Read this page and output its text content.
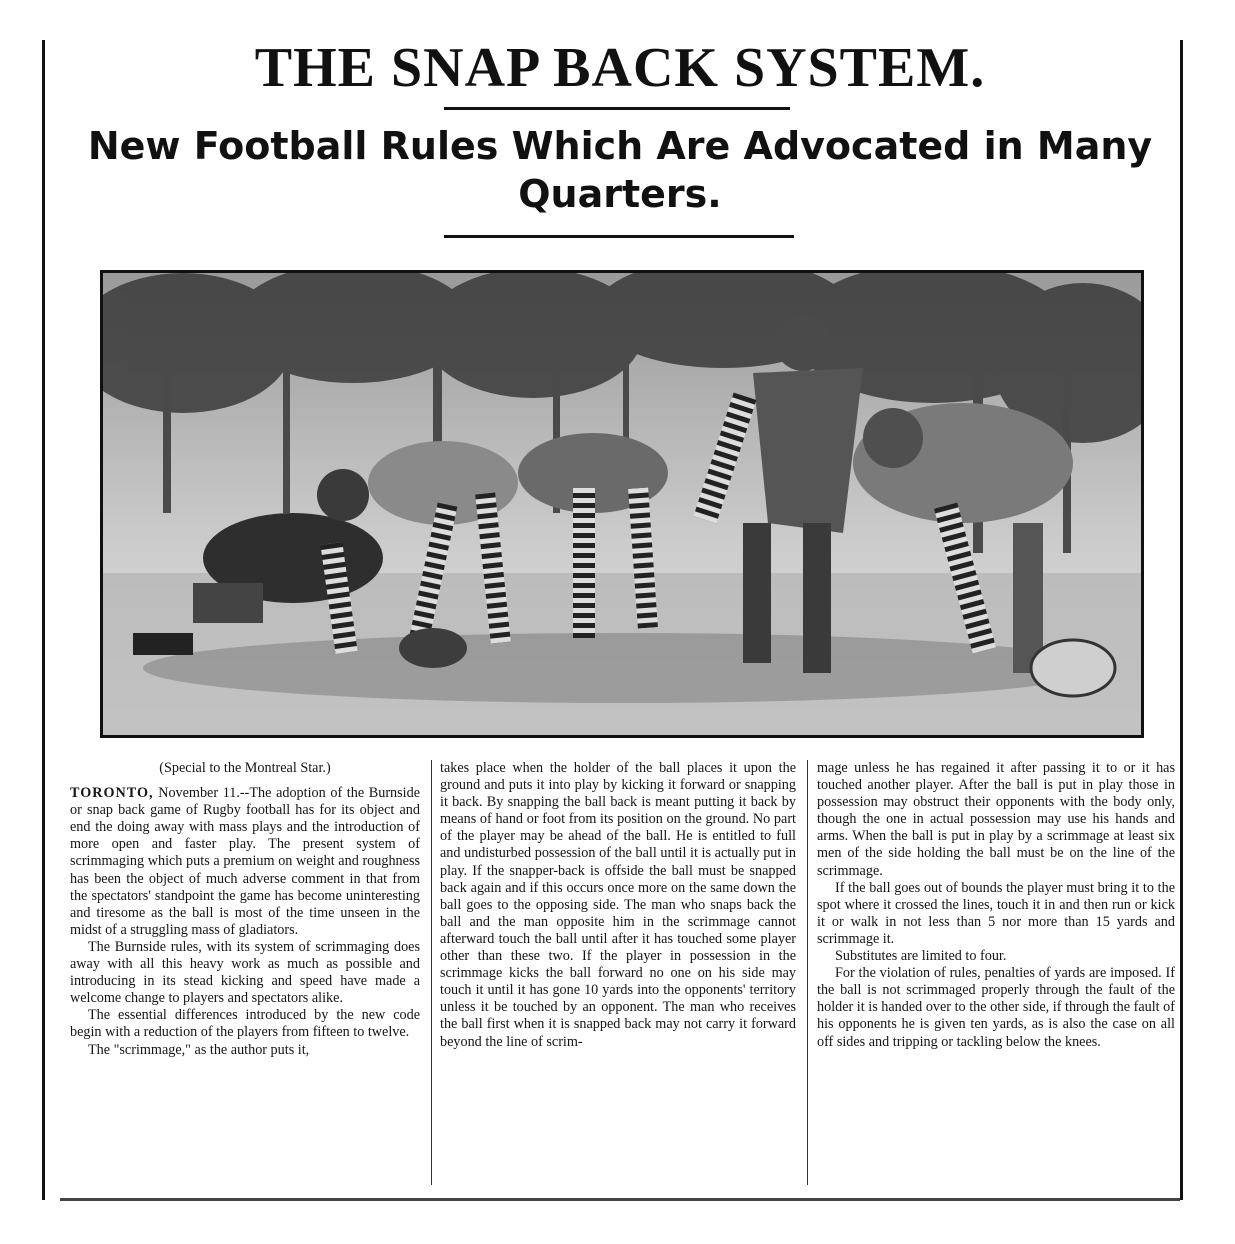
THE SNAP BACK SYSTEM.
New Football Rules Which Are Advocated in Many Quarters.

(Special to the Montreal Star.)

TORONTO, November 11.--The adoption of the Burnside or snap back game of Rugby football has for its object and end the doing away with mass plays and the introduction of more open and faster play. The present system of scrimmaging which puts a premium on weight and roughness has been the object of much adverse comment in that from the spectators' standpoint the game has become uninteresting and tiresome as the ball is most of the time unseen in the midst of a struggling mass of gladiators.

The Burnside rules, with its system of scrimmaging does away with all this heavy work as much as possible and introducing in its stead kicking and speed have made a welcome change to players and spectators alike.

The essential differences introduced by the new code begin with a reduction of the players from fifteen to twelve.

The "scrimmage," as the author puts it,

takes place when the holder of the ball places it upon the ground and puts it into play by kicking it forward or snapping it back. By snapping the ball back is meant putting it back by means of hand or foot from its position on the ground. No part of the player may be ahead of the ball. He is entitled to full and undisturbed possession of the ball until it is actually put in play. If the snapper-back is offside the ball must be snapped back again and if this occurs once more on the same down the ball goes to the opposing side. The man who snaps back the ball and the man opposite him in the scrimmage cannot afterward touch the ball until after it has touched some player other than these two. If the player in possession in the scrimmage kicks the ball forward no one on his side may touch it until it has gone 10 yards into the opponents' territory unless it be touched by an opponent. The man who receives the ball first when it is snapped back may not carry it forward beyond the line of scrim-

mage unless he has regained it after passing it to or it has touched another player. After the ball is put in play those in possession may obstruct their opponents with the body only, though the one in actual possession may use his hands and arms. When the ball is put in play by a scrimmage at least six men of the side holding the ball must be on the line of the scrimmage.

If the ball goes out of bounds the player must bring it to the spot where it crossed the lines, touch it in and then run or kick it or walk in not less than 5 nor more than 15 yards and scrimmage it.

Substitutes are limited to four.

For the violation of rules, penalties of yards are imposed. If the ball is not scrimmaged properly through the fault of the holder it is handed over to the other side, if through the fault of his opponents he is given ten yards, as is also the case on all off sides and tripping or tackling below the knees.
